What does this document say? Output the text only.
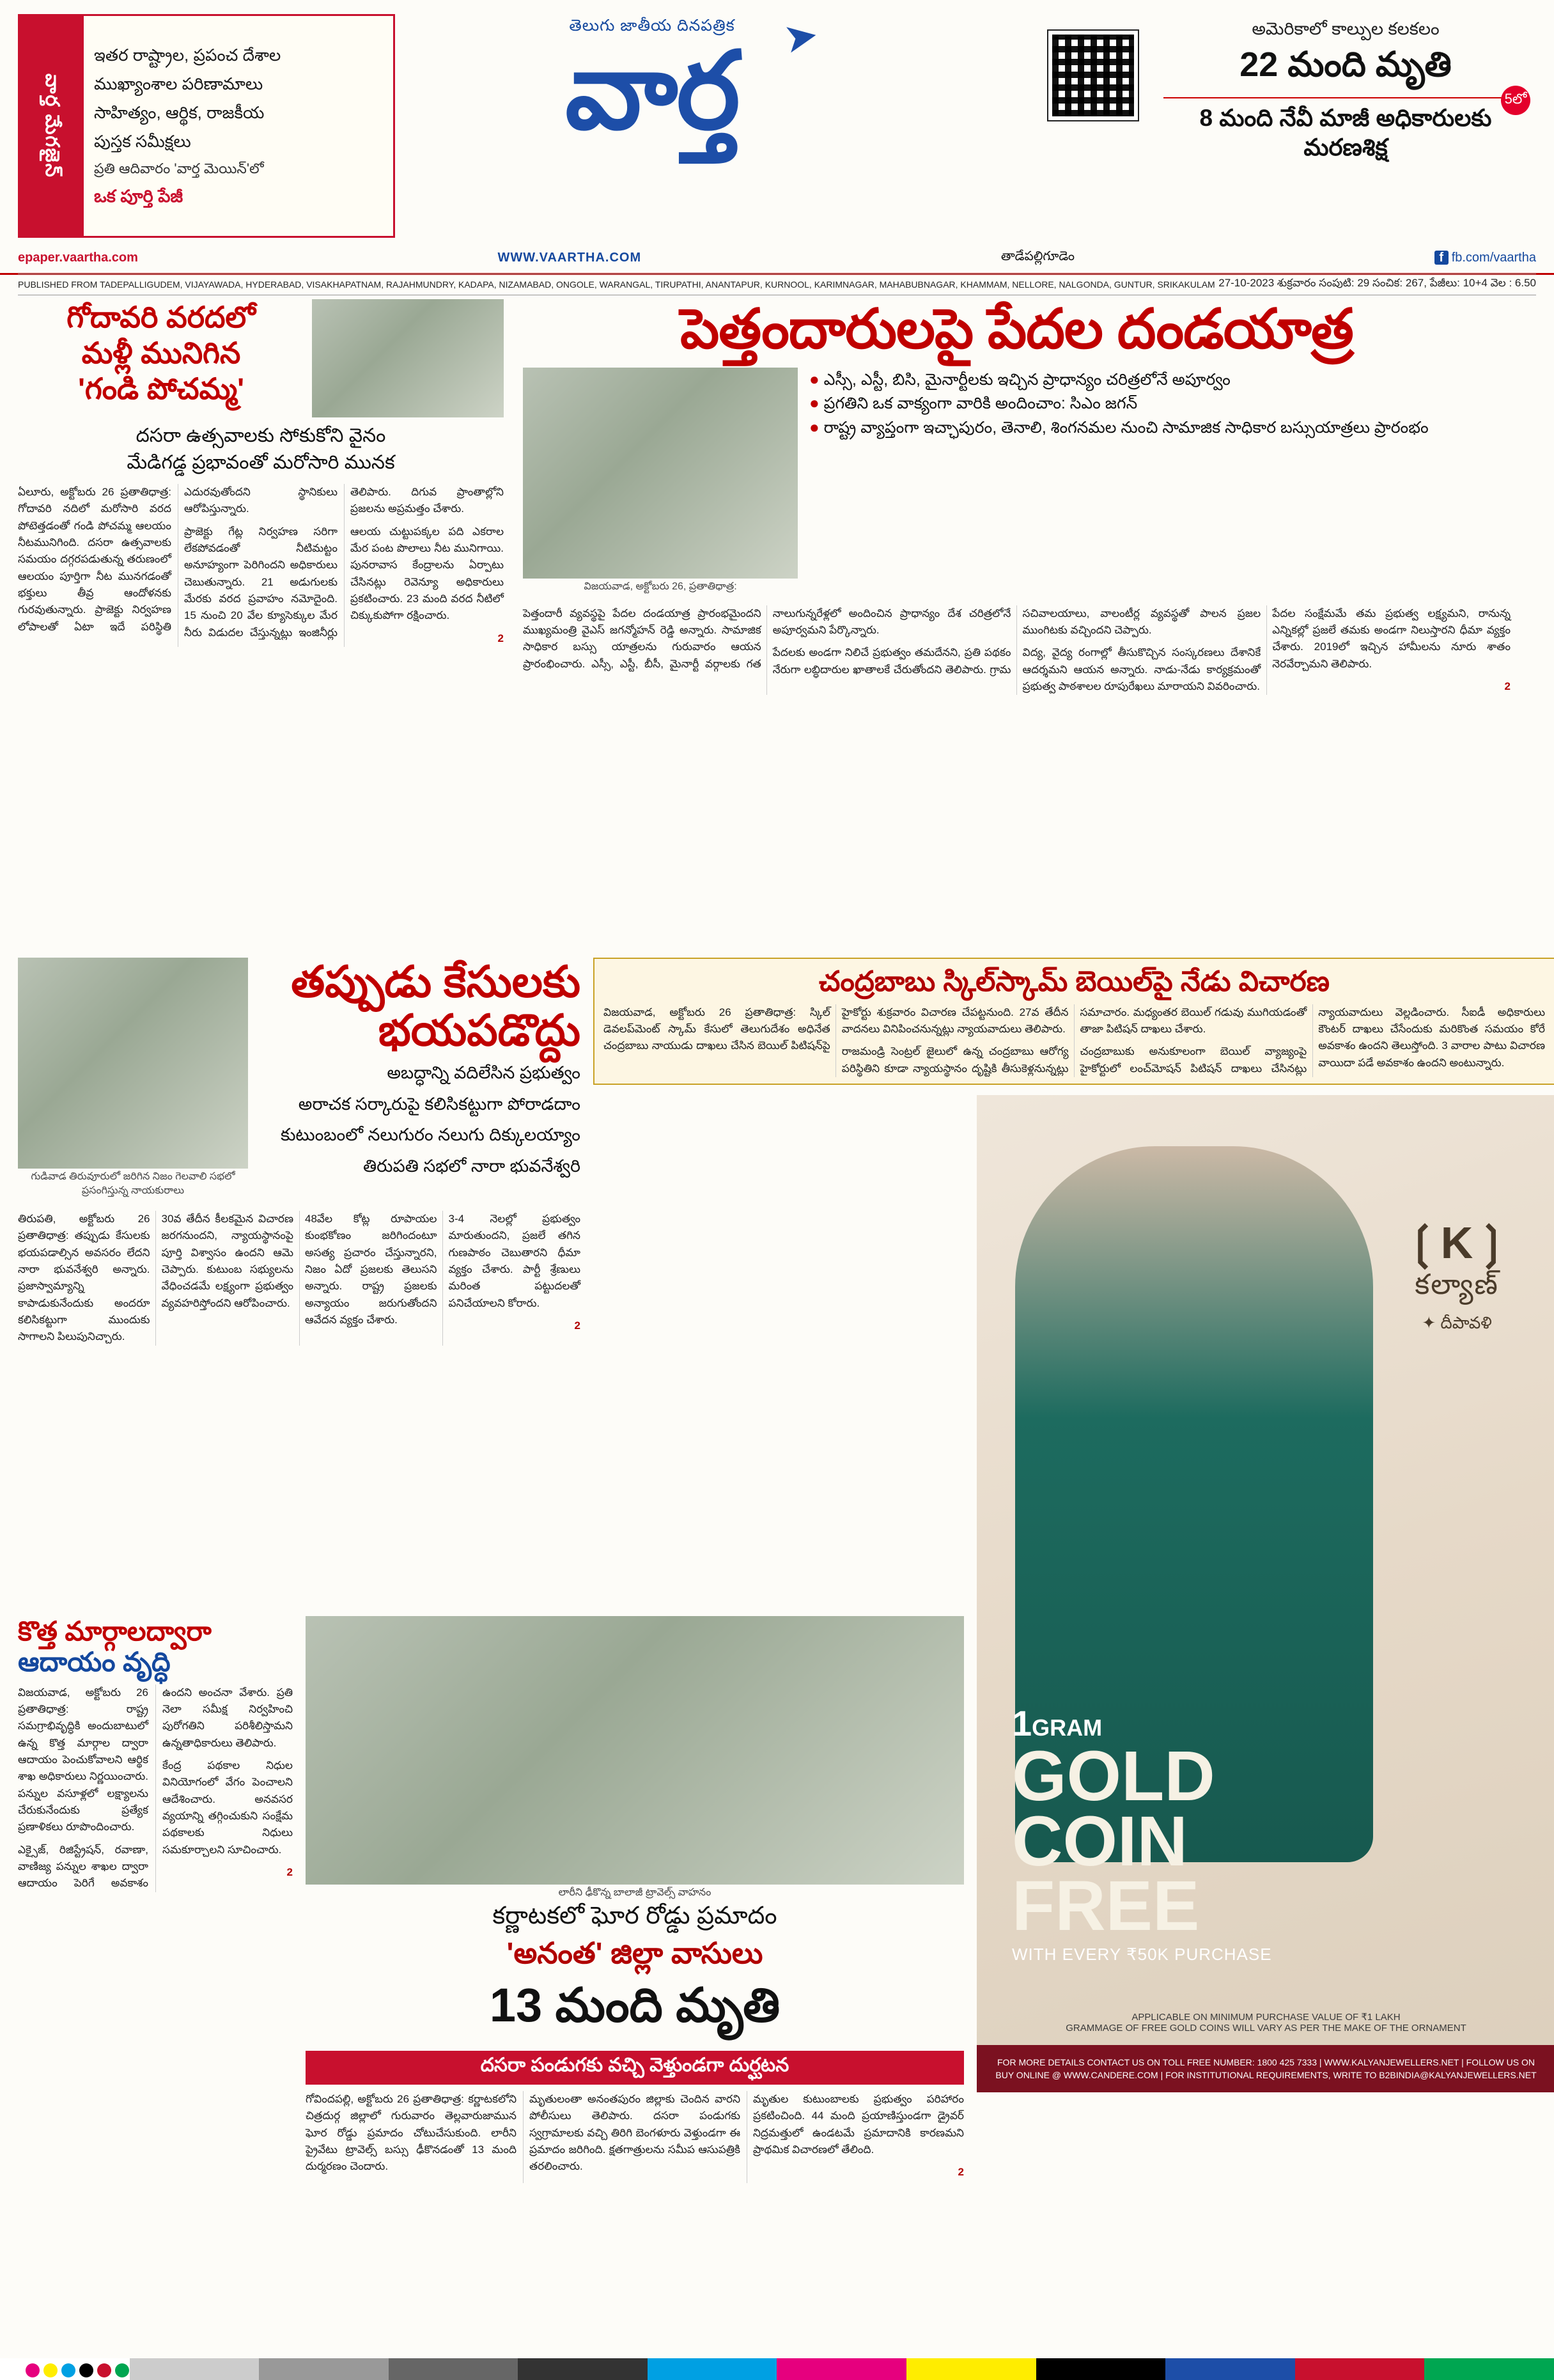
వార్త మేగజైన్
ఇతర రాష్ట్రాల, ప్రపంచ దేశాల
ముఖ్యాంశాల పరిణామాలు
సాహిత్యం, ఆర్థిక, రాజకీయ
పుస్తక సమీక్షలు
ప్రతి ఆదివారం 'వార్త మెయిన్'లో
ఒక పూర్తి పేజీ
తెలుగు జాతీయ దినపత్రిక
వార్త	➤	అమెరికాలో కాల్పుల కలకలం
22 మంది మృతి
8 మంది నేవీ మాజీ అధికారులకు మరణశిక్ష
5లో
epaper.vaartha.com	WWW.VAARTHA.COM	తాడేపల్లిగూడెం	f fb.com/vaartha
PUBLISHED FROM TADEPALLIGUDEM, VIJAYAWADA, HYDERABAD, VISAKHAPATNAM, RAJAHMUNDRY, KADAPA, NIZAMABAD, ONGOLE, WARANGAL, TIRUPATHI, ANANTAPUR, KURNOOL, KARIMNAGAR, MAHABUBNAGAR, KHAMMAM, NELLORE, NALGONDA, GUNTUR, SRIKAKULAM 27-10-2023 శుక్రవారం సంపుటి: 29 సంచిక: 267, పేజీలు: 10+4 వెల : 6.50
గోదావరి వరదలో
మళ్లీ మునిగిన
'గండి పోచమ్మ'
దసరా ఉత్సవాలకు సోకుకోని వైనం
మేడిగడ్డ ప్రభావంతో మరోసారి మునక

ఏలూరు, అక్టోబరు 26 ప్రతాతిధాత్ర: గోదావరి నదిలో మరోసారి వరద పోటెత్తడంతో గండి పోచమ్మ ఆలయం నీటమునిగింది. దసరా ఉత్సవాలకు సమయం దగ్గరపడుతున్న తరుణంలో ఆలయం పూర్తిగా నీట మునగడంతో భక్తులు తీవ్ర ఆందోళనకు గురవుతున్నారు. ప్రాజెక్టు నిర్వహణ లోపాలతో ఏటా ఇదే పరిస్థితి ఎదురవుతోందని స్థానికులు ఆరోపిస్తున్నారు.

ప్రాజెక్టు గేట్ల నిర్వహణ సరిగా లేకపోవడంతో నీటిమట్టం అనూహ్యంగా పెరిగిందని అధికారులు చెబుతున్నారు. 21 అడుగులకు మేరకు వరద ప్రవాహం నమోదైంది. 15 నుంచి 20 వేల క్యూసెక్కుల మేర నీరు విడుదల చేస్తున్నట్లు ఇంజినీర్లు తెలిపారు. దిగువ ప్రాంతాల్లోని ప్రజలను అప్రమత్తం చేశారు.

ఆలయ చుట్టుపక్కల పది ఎకరాల మేర పంట పొలాలు నీట మునిగాయి. పునరావాస కేంద్రాలను ఏర్పాటు చేసినట్లు రెవెన్యూ అధికారులు ప్రకటించారు. 23 మంది వరద నీటిలో చిక్కుకుపోగా రక్షించారు.

2

పెత్తందారులపై పేదల దండయాత్ర
విజయవాడ, అక్టోబరు 26, ప్రతాతిధాత్ర:
● ఎస్సీ, ఎస్టీ, బిసి, మైనార్టీలకు ఇచ్చిన ప్రాధాన్యం చరిత్రలోనే అపూర్వం
● ప్రగతిని ఒక వాక్యంగా వారికి అందించాం: సిఎం జగన్
● రాష్ట్ర వ్యాప్తంగా ఇచ్ఛాపురం, తెనాలి, శింగనమల నుంచి సామాజిక సాధికార బస్సుయాత్రలు ప్రారంభం

పెత్తందారీ వ్యవస్థపై పేదల దండయాత్ర ప్రారంభమైందని ముఖ్యమంత్రి వైఎస్ జగన్మోహన్ రెడ్డి అన్నారు. సామాజిక సాధికార బస్సు యాత్రలను గురువారం ఆయన ప్రారంభించారు. ఎస్సీ, ఎస్టీ, బీసీ, మైనార్టీ వర్గాలకు గత నాలుగున్నరేళ్లలో అందించిన ప్రాధాన్యం దేశ చరిత్రలోనే అపూర్వమని పేర్కొన్నారు.

పేదలకు అండగా నిలిచే ప్రభుత్వం తమదేనని, ప్రతి పథకం నేరుగా లబ్ధిదారుల ఖాతాలకే చేరుతోందని తెలిపారు. గ్రామ సచివాలయాలు, వాలంటీర్ల వ్యవస్థతో పాలన ప్రజల ముంగిటకు వచ్చిందని చెప్పారు.

విద్య, వైద్య రంగాల్లో తీసుకొచ్చిన సంస్కరణలు దేశానికే ఆదర్శమని ఆయన అన్నారు. నాడు-నేడు కార్యక్రమంతో ప్రభుత్వ పాఠశాలల రూపురేఖలు మారాయని వివరించారు.

పేదల సంక్షేమమే తమ ప్రభుత్వ లక్ష్యమని, రానున్న ఎన్నికల్లో ప్రజలే తమకు అండగా నిలుస్తారని ధీమా వ్యక్తం చేశారు. 2019లో ఇచ్చిన హామీలను నూరు శాతం నెరవేర్చామని తెలిపారు.

2

గుడివాడ తిరువూరులో జరిగిన నిజం గెలవాలి సభలో ప్రసంగిస్తున్న నాయకురాలు
తప్పుడు కేసులకు
భయపడొద్దు
అబద్ధాన్ని వదిలేసిన ప్రభుత్వం
అరాచక సర్కారుపై కలిసికట్టుగా పోరాడదాం
కుటుంబంలో నలుగురం నలుగు దిక్కులయ్యాం
తిరుపతి సభలో నారా భువనేశ్వరి

తిరుపతి, అక్టోబరు 26 ప్రతాతిధాత్ర: తప్పుడు కేసులకు భయపడాల్సిన అవసరం లేదని నారా భువనేశ్వరి అన్నారు. ప్రజాస్వామ్యాన్ని కాపాడుకునేందుకు అందరూ కలిసికట్టుగా ముందుకు సాగాలని పిలుపునిచ్చారు.

30వ తేదీన కీలకమైన విచారణ జరగనుందని, న్యాయస్థానంపై పూర్తి విశ్వాసం ఉందని ఆమె చెప్పారు. కుటుంబ సభ్యులను వేధించడమే లక్ష్యంగా ప్రభుత్వం వ్యవహరిస్తోందని ఆరోపించారు.

48వేల కోట్ల రూపాయల కుంభకోణం జరిగిందంటూ అసత్య ప్రచారం చేస్తున్నారని, నిజం ఏదో ప్రజలకు తెలుసని అన్నారు. రాష్ట్ర ప్రజలకు అన్యాయం జరుగుతోందని ఆవేదన వ్యక్తం చేశారు.

3-4 నెలల్లో ప్రభుత్వం మారుతుందని, ప్రజలే తగిన గుణపాఠం చెబుతారని ధీమా వ్యక్తం చేశారు. పార్టీ శ్రేణులు మరింత పట్టుదలతో పనిచేయాలని కోరారు.

2

చంద్రబాబు స్కిల్‌స్కామ్ బెయిల్‌పై నేడు విచారణ

విజయవాడ, అక్టోబరు 26 ప్రతాతిధాత్ర: స్కిల్ డెవలప్‌మెంట్ స్కామ్ కేసులో తెలుగుదేశం అధినేత చంద్రబాబు నాయుడు దాఖలు చేసిన బెయిల్ పిటిషన్‌పై హైకోర్టు శుక్రవారం విచారణ చేపట్టనుంది. 27వ తేదీన వాదనలు వినిపించనున్నట్లు న్యాయవాదులు తెలిపారు.

రాజమండ్రి సెంట్రల్ జైలులో ఉన్న చంద్రబాబు ఆరోగ్య పరిస్థితిని కూడా న్యాయస్థానం దృష్టికి తీసుకెళ్లనున్నట్లు సమాచారం. మధ్యంతర బెయిల్ గడువు ముగియడంతో తాజా పిటిషన్ దాఖలు చేశారు.

చంద్రబాబుకు అనుకూలంగా బెయిల్ వ్యాజ్యంపై హైకోర్టులో లంచ్‌మోషన్ పిటిషన్ దాఖలు చేసినట్లు న్యాయవాదులు వెల్లడించారు. సీఐడీ అధికారులు కౌంటర్ దాఖలు చేసేందుకు మరికొంత సమయం కోరే అవకాశం ఉందని తెలుస్తోంది. 3 వారాల పాటు విచారణ వాయిదా పడే అవకాశం ఉందని అంటున్నారు.

❲K❳
కల్యాణ్
✦ దీపావళి
1GRAM
GOLD
COIN
FREE
WITH EVERY ₹50K PURCHASE
APPLICABLE ON MINIMUM PURCHASE VALUE OF ₹1 LAKH
GRAMMAGE OF FREE GOLD COINS WILL VARY AS PER THE MAKE OF THE ORNAMENT
FOR MORE DETAILS CONTACT US ON TOLL FREE NUMBER: 1800 425 7333 | WWW.KALYANJEWELLERS.NET | FOLLOW US ON
BUY ONLINE @ WWW.CANDERE.COM | FOR INSTITUTIONAL REQUIREMENTS, WRITE TO B2BINDIA@KALYANJEWELLERS.NET
కొత్త మార్గాలద్వారా
ఆదాయం వృద్ధి

విజయవాడ, అక్టోబరు 26 ప్రతాతిధాత్ర: రాష్ట్ర సమగ్రాభివృద్ధికి అందుబాటులో ఉన్న కొత్త మార్గాల ద్వారా ఆదాయం పెంచుకోవాలని ఆర్థిక శాఖ అధికారులు నిర్ణయించారు. పన్నుల వసూళ్లలో లక్ష్యాలను చేరుకునేందుకు ప్రత్యేక ప్రణాళికలు రూపొందించారు.

ఎక్సైజ్, రిజిస్ట్రేషన్, రవాణా, వాణిజ్య పన్నుల శాఖల ద్వారా ఆదాయం పెరిగే అవకాశం ఉందని అంచనా వేశారు. ప్రతి నెలా సమీక్ష నిర్వహించి పురోగతిని పరిశీలిస్తామని ఉన్నతాధికారులు తెలిపారు.

కేంద్ర పథకాల నిధుల వినియోగంలో వేగం పెంచాలని ఆదేశించారు. అనవసర వ్యయాన్ని తగ్గించుకుని సంక్షేమ పథకాలకు నిధులు సమకూర్చాలని సూచించారు.

2

లారీని ఢీకొన్న బాలాజీ ట్రావెల్స్ వాహనం
కర్ణాటకలో ఘోర రోడ్డు ప్రమాదం
'అనంత' జిల్లా వాసులు
13 మంది మృతి
దసరా పండుగకు వచ్చి వెళ్తుండగా దుర్ఘటన

గోవిందపల్లి, అక్టోబరు 26 ప్రతాతిధాత్ర: కర్ణాటకలోని చిత్రదుర్గ జిల్లాలో గురువారం తెల్లవారుజామున ఘోర రోడ్డు ప్రమాదం చోటుచేసుకుంది. లారీని ప్రైవేటు ట్రావెల్స్ బస్సు ఢీకొనడంతో 13 మంది దుర్మరణం చెందారు.

మృతులంతా అనంతపురం జిల్లాకు చెందిన వారని పోలీసులు తెలిపారు. దసరా పండుగకు స్వగ్రామాలకు వచ్చి తిరిగి బెంగళూరు వెళ్తుండగా ఈ ప్రమాదం జరిగింది. క్షతగాత్రులను సమీప ఆసుపత్రికి తరలించారు.

మృతుల కుటుంబాలకు ప్రభుత్వం పరిహారం ప్రకటించింది. 44 మంది ప్రయాణిస్తుండగా డ్రైవర్ నిద్రమత్తులో ఉండటమే ప్రమాదానికి కారణమని ప్రాథమిక విచారణలో తేలింది.

2
